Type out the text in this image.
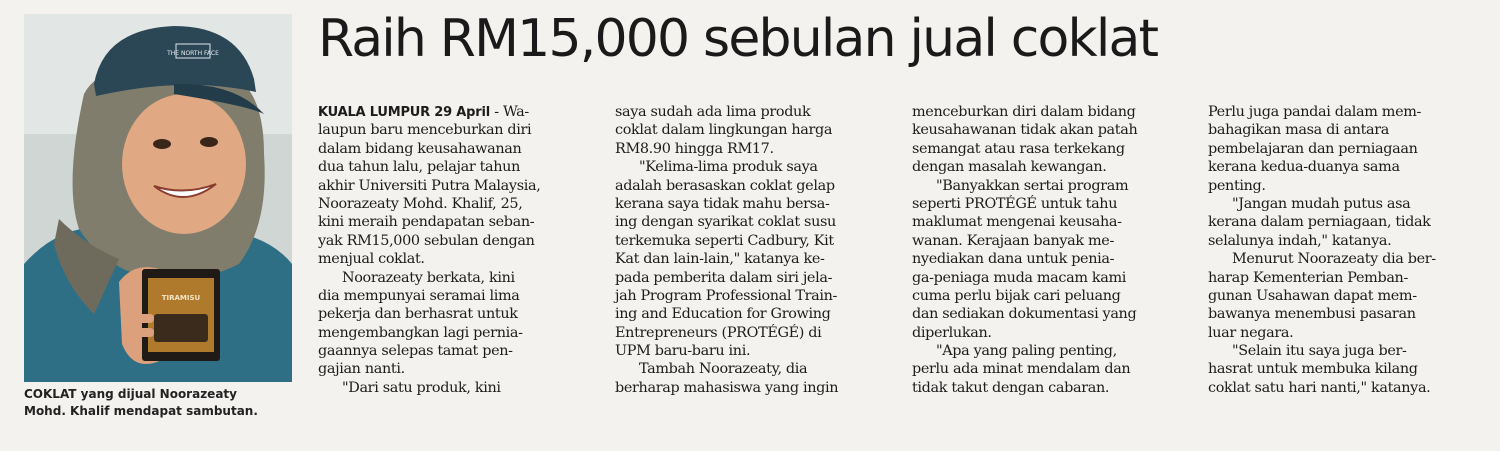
THE NORTH FACE
TIRAMISU
COKLAT yang dijual Noorazeaty
Mohd. Khalif mendapat sambutan.
Raih RM15,000 sebulan jual coklat
KUALA LUMPUR 29 April - Wa-
laupun baru menceburkan diri
dalam bidang keusahawanan
dua tahun lalu, pelajar tahun
akhir Universiti Putra Malaysia,
Noorazeaty Mohd. Khalif, 25,
kini meraih pendapatan seban-
yak RM15,000 sebulan dengan
menjual coklat.
Noorazeaty berkata, kini
dia mempunyai seramai lima
pekerja dan berhasrat untuk
mengembangkan lagi pernia-
gaannya selepas tamat pen-
gajian nanti.
"Dari satu produk, kini
saya sudah ada lima produk
coklat dalam lingkungan harga
RM8.90 hingga RM17.
"Kelima-lima produk saya
adalah berasaskan coklat gelap
kerana saya tidak mahu bersa-
ing dengan syarikat coklat susu
terkemuka seperti Cadbury, Kit
Kat dan lain-lain," katanya ke-
pada pemberita dalam siri jela-
jah Program Professional Train-
ing and Education for Growing
Entrepreneurs (PROTÉGÉ) di
UPM baru-baru ini.
Tambah Noorazeaty, dia
berharap mahasiswa yang ingin
menceburkan diri dalam bidang
keusahawanan tidak akan patah
semangat atau rasa terkekang
dengan masalah kewangan.
"Banyakkan sertai program
seperti PROTÉGÉ untuk tahu
maklumat mengenai keusaha-
wanan. Kerajaan banyak me-
nyediakan dana untuk penia-
ga-peniaga muda macam kami
cuma perlu bijak cari peluang
dan sediakan dokumentasi yang
diperlukan.
"Apa yang paling penting,
perlu ada minat mendalam dan
tidak takut dengan cabaran.
Perlu juga pandai dalam mem-
bahagikan masa di antara
pembelajaran dan perniagaan
kerana kedua-duanya sama
penting.
"Jangan mudah putus asa
kerana dalam perniagaan, tidak
selalunya indah," katanya.
Menurut Noorazeaty dia ber-
harap Kementerian Pemban-
gunan Usahawan dapat mem-
bawanya menembusi pasaran
luar negara.
"Selain itu saya juga ber-
hasrat untuk membuka kilang
coklat satu hari nanti," katanya.
